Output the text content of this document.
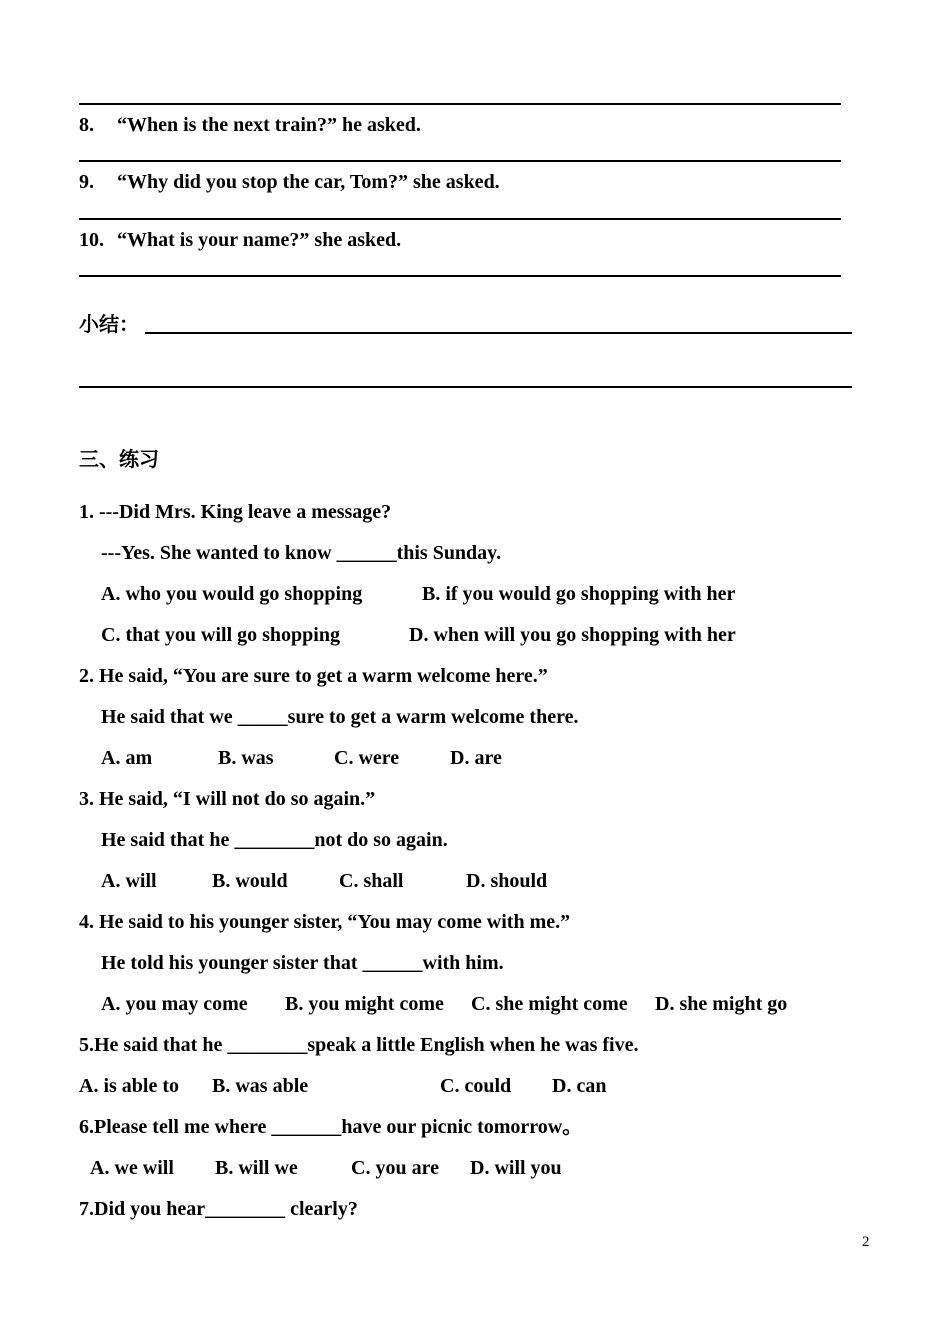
8. “When is the next train?” he asked.
9. “Why did you stop the car, Tom?” she asked.
10. “What is your name?” she asked.
小结：
三、练习
1. ---Did Mrs. King leave a message?
---Yes. She wanted to know ______this Sunday.
A. who you would go shopping	B. if you would go shopping with her
C. that you will go shopping	D. when will you go shopping with her
2. He said, “You are sure to get a warm welcome here.”
He said that we _____sure to get a warm welcome there.
A. am	B. was	C. were	D. are
3. He said, “I will not do so again.”
He said that he ________not do so again.
A. will	B. would	C. shall	D. should
4. He said to his younger sister, “You may come with me.”
He told his younger sister that ______with him.
A. you may come B. you might come C. she might come D. she might go
5.He said that he ________speak a little English when he was five.
A. is able to B. was able	C. could D. can
6.Please tell me where _______have our picnic tomorrow。
A. we will B. will we	C. you are D. will you
7.Did you hear________ clearly?
2
